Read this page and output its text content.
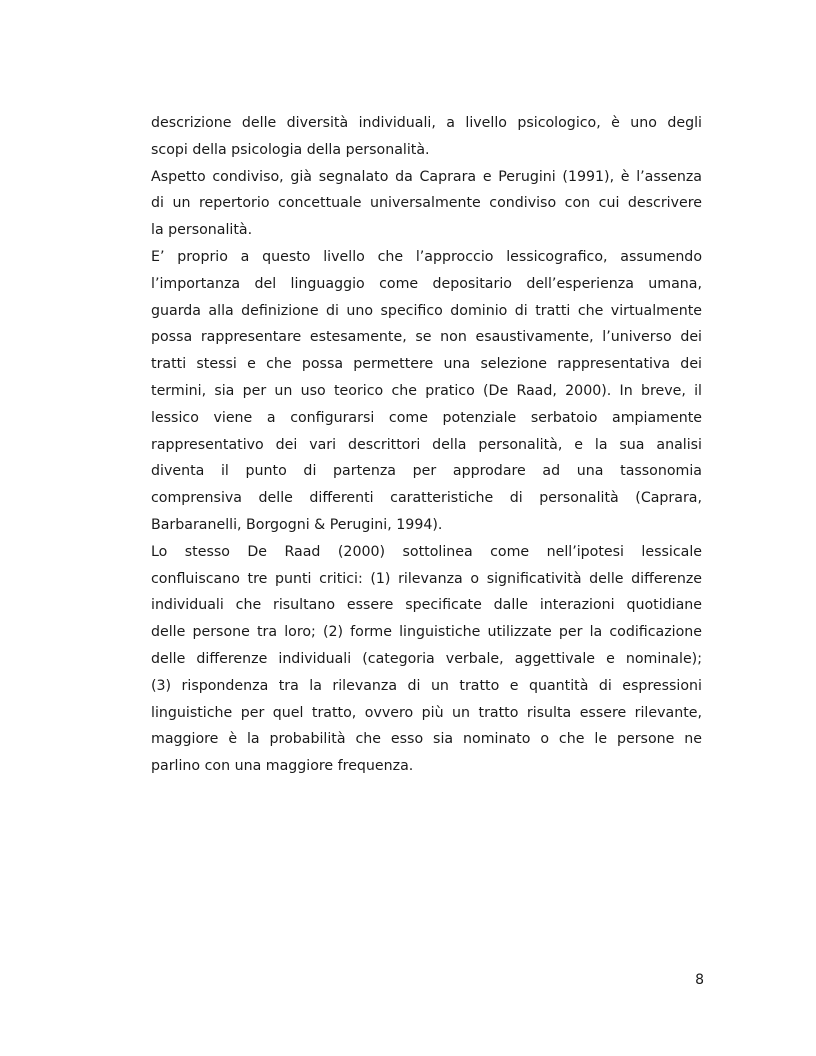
descrizione delle diversità individuali, a livello psicologico, è uno degli
scopi della psicologia della personalità.
Aspetto condiviso, già segnalato da Caprara e Perugini (1991), è l’assenza
di un repertorio concettuale universalmente condiviso con cui descrivere
la personalità.
E’ proprio a questo livello che l’approccio lessicografico, assumendo
l’importanza del linguaggio come depositario dell’esperienza umana,
guarda alla definizione di uno specifico dominio di tratti che virtualmente
possa rappresentare estesamente, se non esaustivamente, l’universo dei
tratti stessi e che possa permettere una selezione rappresentativa dei
termini, sia per un uso teorico che pratico (De Raad, 2000). In breve, il
lessico viene a configurarsi come potenziale serbatoio ampiamente
rappresentativo dei vari descrittori della personalità, e la sua analisi
diventa il punto di partenza per approdare ad una tassonomia
comprensiva delle differenti caratteristiche di personalità (Caprara,
Barbaranelli, Borgogni & Perugini, 1994).
Lo stesso De Raad (2000) sottolinea come nell’ipotesi lessicale
confluiscano tre punti critici: (1) rilevanza o significatività delle differenze
individuali che risultano essere specificate dalle interazioni quotidiane
delle persone tra loro; (2) forme linguistiche utilizzate per la codificazione
delle differenze individuali (categoria verbale, aggettivale e nominale);
(3) rispondenza tra la rilevanza di un tratto e quantità di espressioni
linguistiche per quel tratto, ovvero più un tratto risulta essere rilevante,
maggiore è la probabilità che esso sia nominato o che le persone ne
parlino con una maggiore frequenza.
8
